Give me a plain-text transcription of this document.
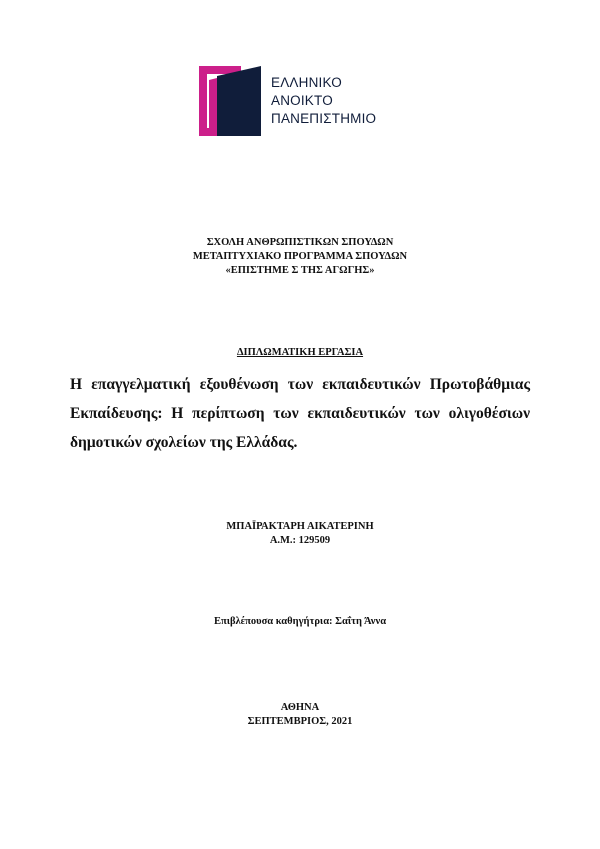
ΕΛΛΗΝΙΚΟ
ΑΝΟΙΚΤΟ
ΠΑΝΕΠΙΣΤΗΜΙΟ
ΣΧΟΛΗ ΑΝΘΡΩΠΙΣΤΙΚΩΝ ΣΠΟΥΔΩΝ
ΜΕΤΑΠΤΥΧΙΑΚΟ ΠΡΟΓΡΑΜΜΑ ΣΠΟΥΔΩΝ
«ΕΠΙΣΤΗΜΕ Σ ΤΗΣ ΑΓΩΓΗΣ»
ΔΙΠΛΩΜΑΤΙΚΗ ΕΡΓΑΣΙΑ
Η επαγγελματική εξουθένωση των εκπαιδευτικών Πρωτοβάθμιας Εκπαίδευσης: Η περίπτωση των εκπαιδευτικών των ολιγοθέσιων δημοτικών σχολείων της Ελλάδας.
ΜΠΑΪΡΑΚΤΑΡΗ ΑΙΚΑΤΕΡΙΝΗ
Α.Μ.: 129509
Επιβλέπουσα καθηγήτρια: Σαΐτη Άννα
ΑΘΗΝΑ
ΣΕΠΤΕΜΒΡΙΟΣ, 2021
